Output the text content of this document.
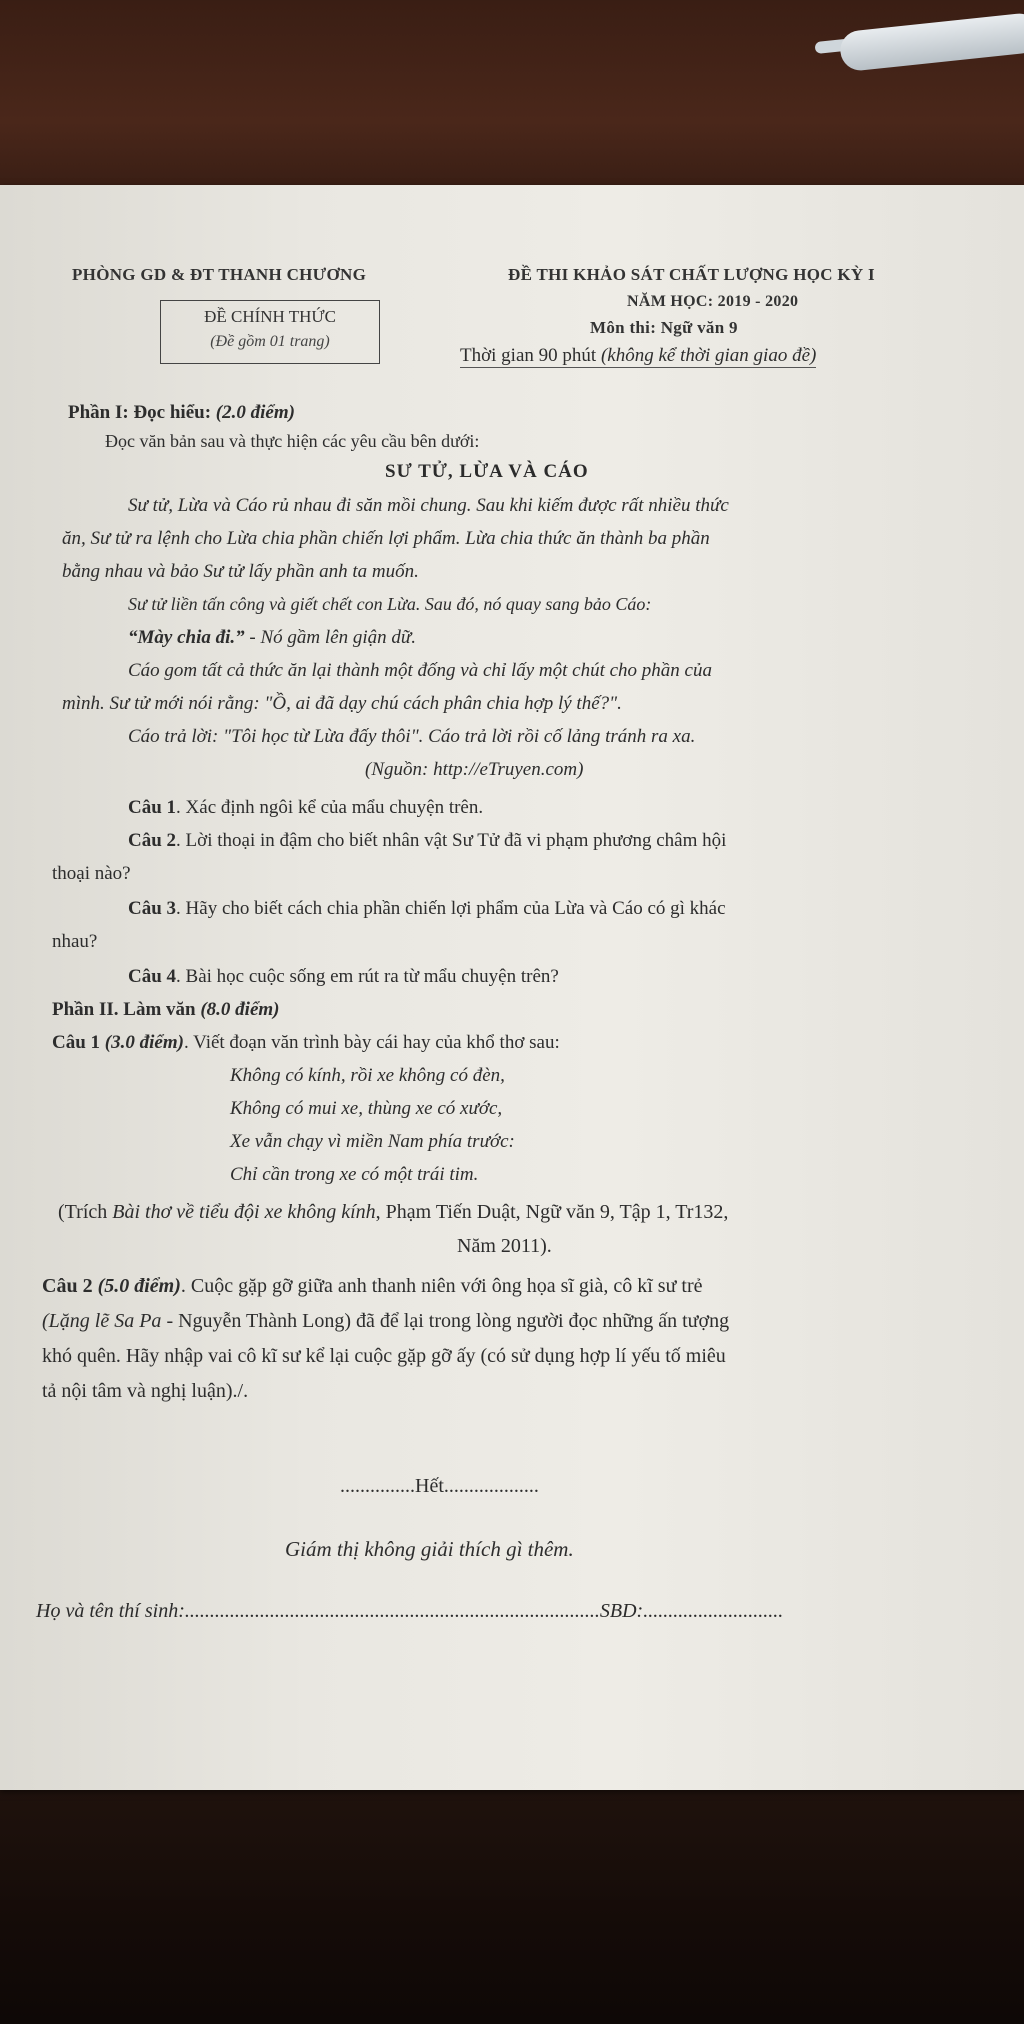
PHÒNG GD & ĐT THANH CHƯƠNG	ĐỀ THI KHẢO SÁT CHẤT LƯỢNG HỌC KỲ I
NĂM HỌC: 2019 - 2020
Môn thi: Ngữ văn 9
Thời gian 90 phút (không kể thời gian giao đề)
ĐỀ CHÍNH THỨC
(Đề gồm 01 trang)
Phần I: Đọc hiểu: (2.0 điểm)
Đọc văn bản sau và thực hiện các yêu cầu bên dưới:
SƯ TỬ, LỪA VÀ CÁO
Sư tử, Lừa và Cáo rủ nhau đi săn mồi chung. Sau khi kiếm được rất nhiều thức
ăn, Sư tử ra lệnh cho Lừa chia phần chiến lợi phẩm. Lừa chia thức ăn thành ba phần
bằng nhau và bảo Sư tử lấy phần anh ta muốn.
Sư tử liền tấn công và giết chết con Lừa. Sau đó, nó quay sang bảo Cáo:
“Mày chia đi.” - Nó gầm lên giận dữ.
Cáo gom tất cả thức ăn lại thành một đống và chỉ lấy một chút cho phần của
mình. Sư tử mới nói rằng: "Ồ, ai đã dạy chú cách phân chia hợp lý thế?".
Cáo trả lời: "Tôi học từ Lừa đấy thôi". Cáo trả lời rồi cố lảng tránh ra xa.
(Nguồn: http://eTruyen.com)
Câu 1. Xác định ngôi kể của mẩu chuyện trên.
Câu 2. Lời thoại in đậm cho biết nhân vật Sư Tử đã vi phạm phương châm hội
thoại nào?
Câu 3. Hãy cho biết cách chia phần chiến lợi phẩm của Lừa và Cáo có gì khác
nhau?
Câu 4. Bài học cuộc sống em rút ra từ mẩu chuyện trên?
Phần II. Làm văn (8.0 điểm)
Câu 1 (3.0 điểm). Viết đoạn văn trình bày cái hay của khổ thơ sau:
Không có kính, rồi xe không có đèn,
Không có mui xe, thùng xe có xước,
Xe vẫn chạy vì miền Nam phía trước:
Chỉ cần trong xe có một trái tim.
(Trích Bài thơ về tiểu đội xe không kính, Phạm Tiến Duật, Ngữ văn 9, Tập 1, Tr132,
Năm 2011).
Câu 2 (5.0 điểm). Cuộc gặp gỡ giữa anh thanh niên với ông họa sĩ già, cô kĩ sư trẻ
(Lặng lẽ Sa Pa - Nguyễn Thành Long) đã để lại trong lòng người đọc những ấn tượng
khó quên. Hãy nhập vai cô kĩ sư kể lại cuộc gặp gỡ ấy (có sử dụng hợp lí yếu tố miêu
tả nội tâm và nghị luận)./.
...............Hết...................
Giám thị không giải thích gì thêm.
Họ và tên thí sinh:...................................................................................SBD:............................
